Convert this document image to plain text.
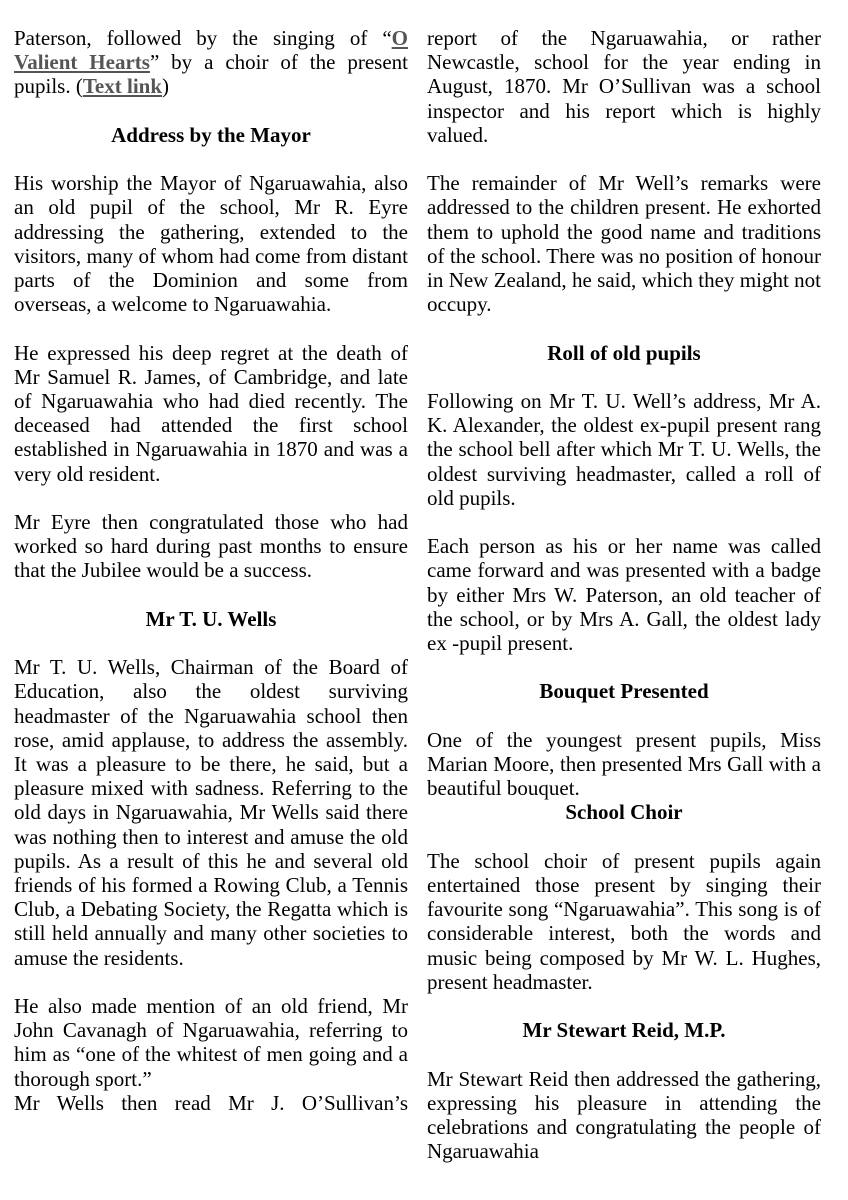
Paterson, followed by the singing of “O Valient Hearts” by a choir of the present pupils. (Text link)

Address by the Mayor

His worship the Mayor of Ngaruawahia, also an old pupil of the school, Mr R. Eyre addressing the gathering, extended to the visitors, many of whom had come from distant parts of the Dominion and some from overseas, a welcome to Ngaruawahia.

He expressed his deep regret at the death of Mr Samuel R. James, of Cambridge, and late of Ngaruawahia who had died recently. The deceased had attended the first school established in Ngaruawahia in 1870 and was a very old resident.

Mr Eyre then congratulated those who had worked so hard during past months to ensure that the Jubilee would be a success.

Mr T. U. Wells

Mr T. U. Wells, Chairman of the Board of Education, also the oldest surviving headmaster of the Ngaruawahia school then rose, amid applause, to address the assembly. It was a pleasure to be there, he said, but a pleasure mixed with sadness. Referring to the old days in Ngaruawahia, Mr Wells said there was nothing then to interest and amuse the old pupils. As a result of this he and several old friends of his formed a Rowing Club, a Tennis Club, a Debating Society, the Regatta which is still held annually and many other societies to amuse the residents.

He also made mention of an old friend, Mr John Cavanagh of Ngaruawahia, referring to him as “one of the whitest of men going and a thorough sport.”

Mr Wells then read Mr J. O’Sullivan’s

report of the Ngaruawahia, or rather Newcastle, school for the year ending in August, 1870. Mr O’Sullivan was a school inspector and his report which is highly valued.

The remainder of Mr Well’s remarks were addressed to the children present. He exhorted them to uphold the good name and traditions of the school. There was no position of honour in New Zealand, he said, which they might not occupy.

Roll of old pupils

Following on Mr T. U. Well’s address, Mr A. K. Alexander, the oldest ex-pupil present rang the school bell after which Mr T. U. Wells, the oldest surviving headmaster, called a roll of old pupils.

Each person as his or her name was called came forward and was presented with a badge by either Mrs W. Paterson, an old teacher of the school, or by Mrs A. Gall, the oldest lady ex -pupil present.

Bouquet Presented

One of the youngest present pupils, Miss Marian Moore, then presented Mrs Gall with a beautiful bouquet.

School Choir

The school choir of present pupils again entertained those present by singing their favourite song “Ngaruawahia”. This song is of considerable interest, both the words and music being composed by Mr W. L. Hughes, present headmaster.

Mr Stewart Reid, M.P.

Mr Stewart Reid then addressed the gathering, expressing his pleasure in attending the celebrations and congratulating the people of Ngaruawahia
